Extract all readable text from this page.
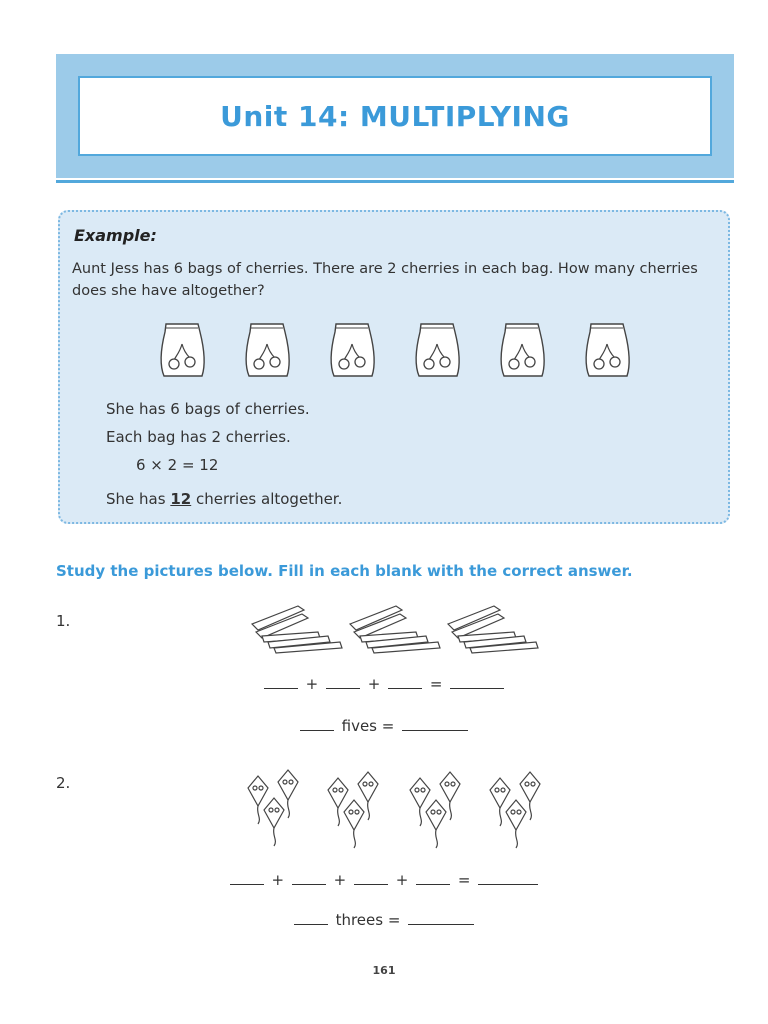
Unit 14: MULTIPLYING
Example:
Aunt Jess has 6 bags of cherries. There are 2 cherries in each bag. How many cherries does she have altogether?
She has 6 bags of cherries.
Each bag has 2 cherries.
6 × 2 = 12
She has 12 cherries altogether.
Study the pictures below. Fill in each blank with the correct answer.
1.
+	+	=
fives =
2.
+	+	+	=
threes =
161
